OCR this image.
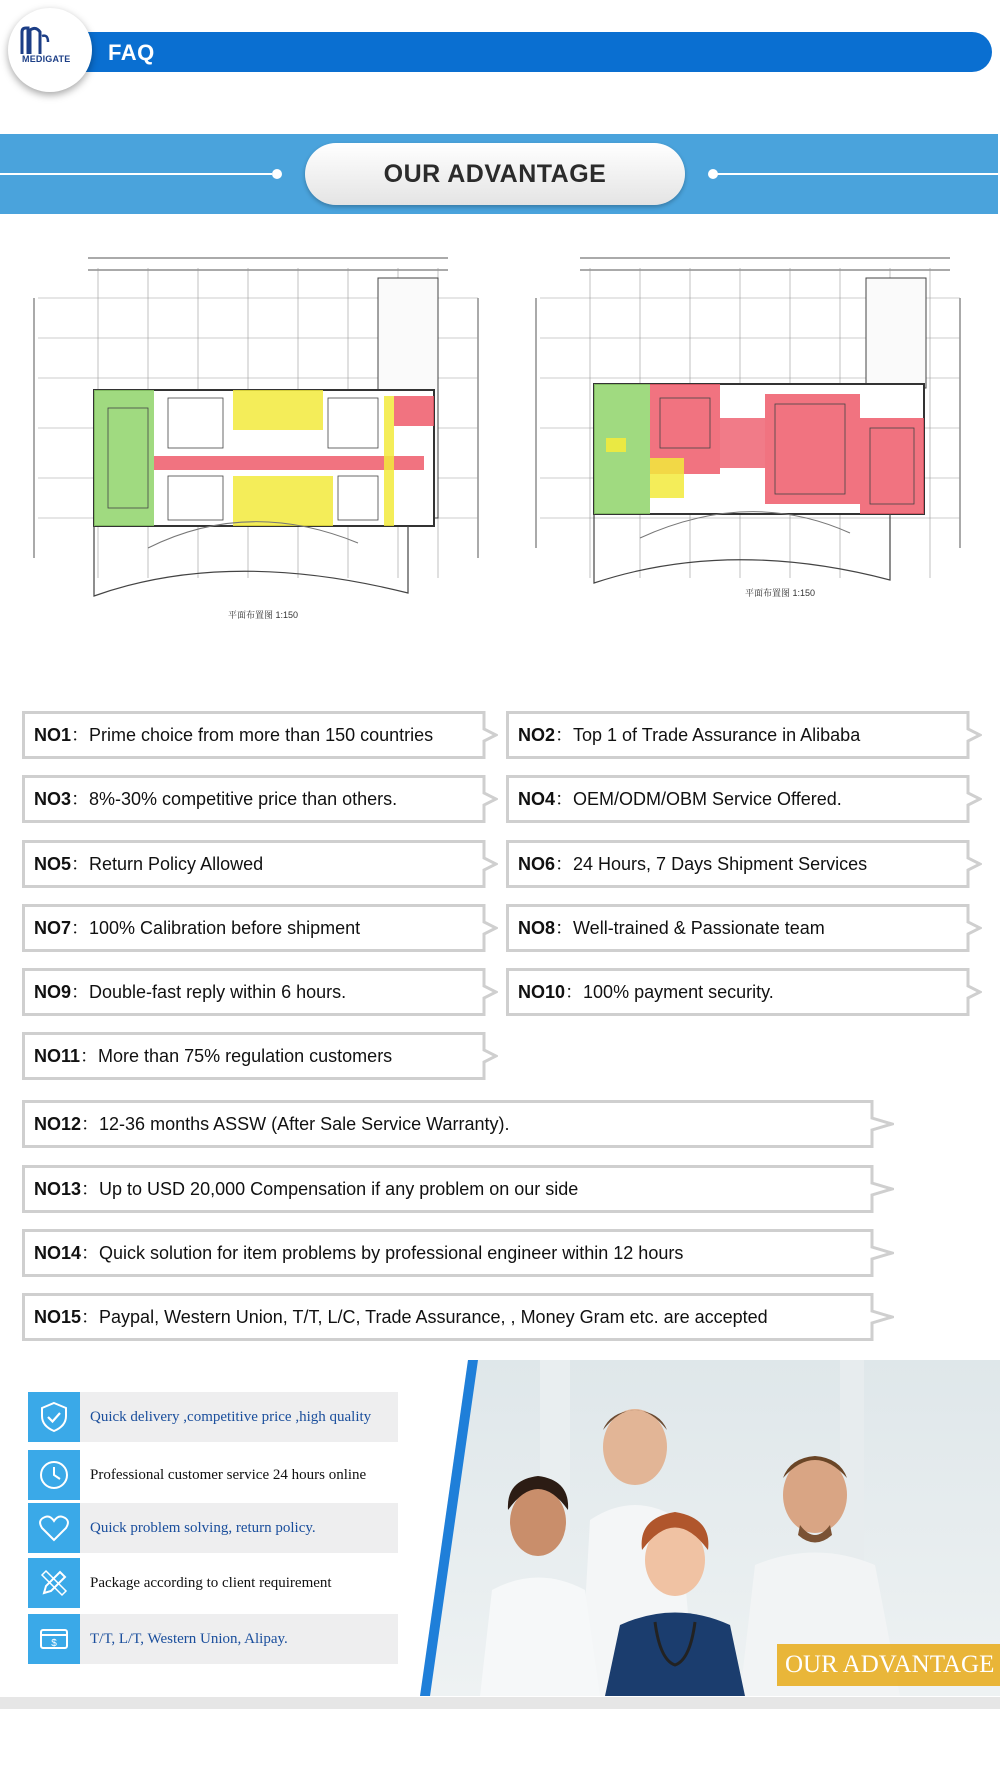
FAQ
MEDIGATE
OUR ADVANTAGE
平面布置图 1:150
平面布置图 1:150
NO1：Prime choice from more than 150 countries	NO2：Top 1 of Trade Assurance in Alibaba
NO3：8%-30% competitive price than others.	NO4：OEM/ODM/OBM Service Offered.
NO5：Return Policy Allowed	NO6：24 Hours, 7 Days Shipment Services
NO7：100% Calibration before shipment	NO8：Well-trained & Passionate team
NO9：Double-fast reply within 6 hours.	NO10：100% payment security.
NO11：More than 75% regulation customers
NO12：12-36 months ASSW (After Sale Service Warranty).
NO13：Up to USD 20,000 Compensation if any problem on our side
NO14：Quick solution for item problems by professional engineer within 12 hours
NO15：Paypal, Western Union, T/T, L/C, Trade Assurance, , Money Gram etc. are accepted
Quick delivery ,competitive price ,high quality
Professional customer service 24 hours online
Quick problem solving, return policy.
Package according to client requirement
$ T/T, L/T, Western Union, Alipay.
OUR ADVANTAGE
